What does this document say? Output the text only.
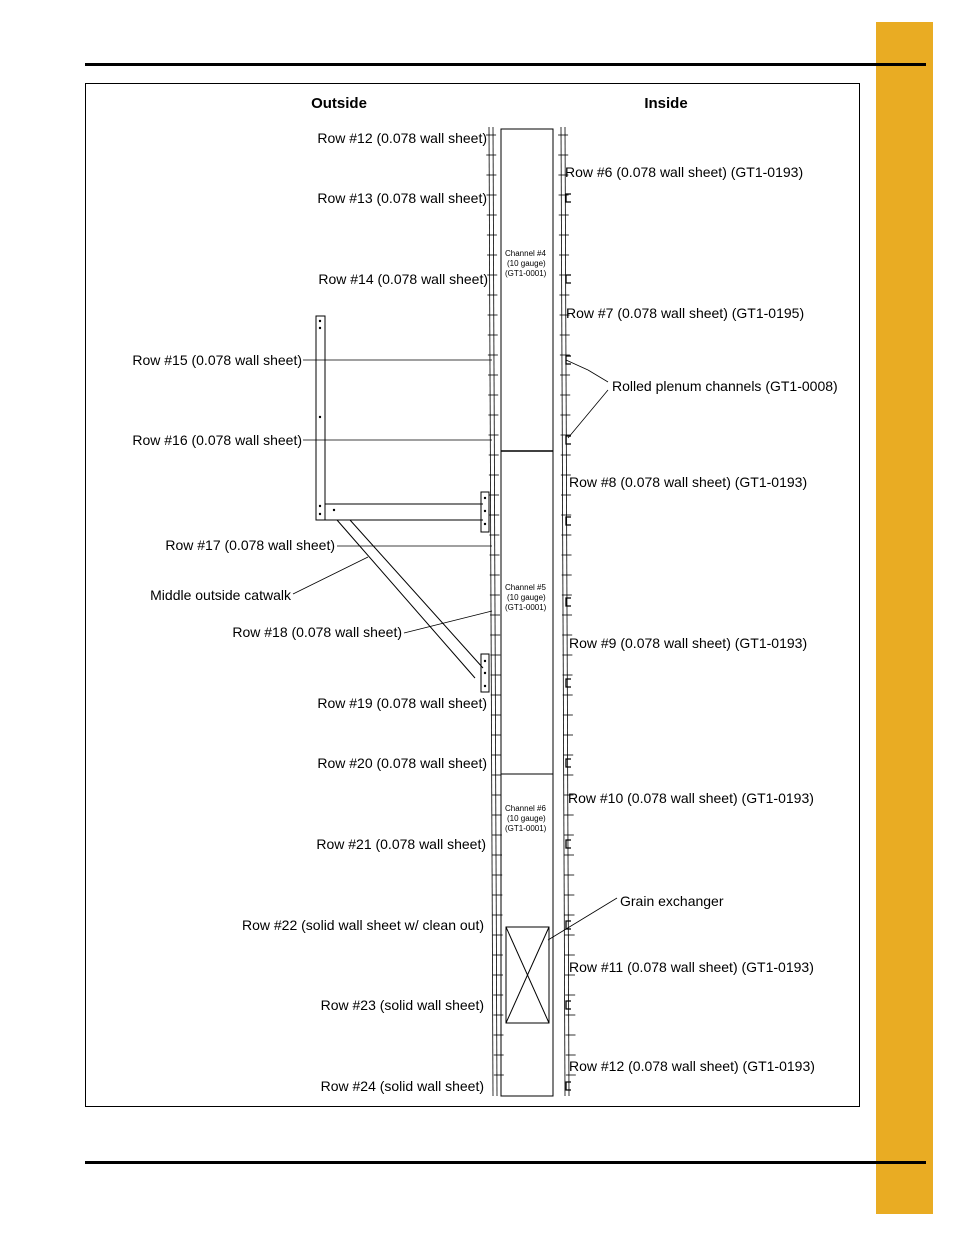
Outside	Inside
Channel #4
(10 gauge)
(GT1-0001)
Channel #5
(10 gauge)
(GT1-0001)
Channel #6
(10 gauge)
(GT1-0001)
Row #12 (0.078 wall sheet)
Row #13 (0.078 wall sheet)
Row #14 (0.078 wall sheet)
Row #15 (0.078 wall sheet)
Row #16 (0.078 wall sheet)
Row #17 (0.078 wall sheet)
Middle outside catwalk
Row #18 (0.078 wall sheet)
Row #19 (0.078 wall sheet)
Row #20 (0.078 wall sheet)
Row #21 (0.078 wall sheet)
Row #22 (solid wall sheet w/ clean out)
Row #23 (solid wall sheet)
Row #24 (solid wall sheet)
Row #6 (0.078 wall sheet) (GT1-0193)
Row #7 (0.078 wall sheet) (GT1-0195)
Rolled plenum channels (GT1-0008)
Row #8 (0.078 wall sheet) (GT1-0193)
Row #9 (0.078 wall sheet) (GT1-0193)
Row #10 (0.078 wall sheet) (GT1-0193)
Grain exchanger
Row #11 (0.078 wall sheet) (GT1-0193)
Row #12 (0.078 wall sheet) (GT1-0193)
